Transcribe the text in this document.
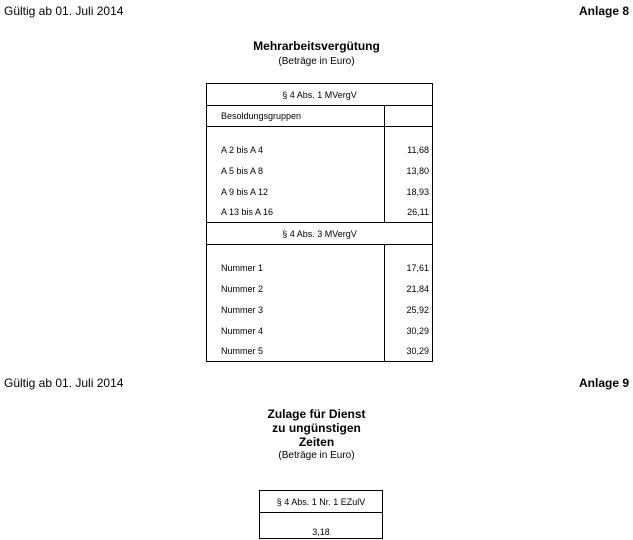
Gültig ab 01. Juli 2014	Anlage 8
Mehrarbeitsvergütung
(Beträge in Euro)
§ 4 Abs. 1 MVergV	
Besoldungsgruppen	

A 2 bis A 4	11,68
A 5 bis A 8	13,80
A 9 bis A 12	18,93
A 13 bis A 16	26,11
§ 4 Abs. 3 MVergV	

Nummer 1	17,61
Nummer 2	21,84
Nummer 3	25,92
Nummer 4	30,29
Nummer 5	30,29
Gültig ab 01. Juli 2014	Anlage 9
Zulage für Dienst
zu ungünstigen
Zeiten
(Beträge in Euro)
§ 4 Abs. 1 Nr. 1 EZulV
3,18
